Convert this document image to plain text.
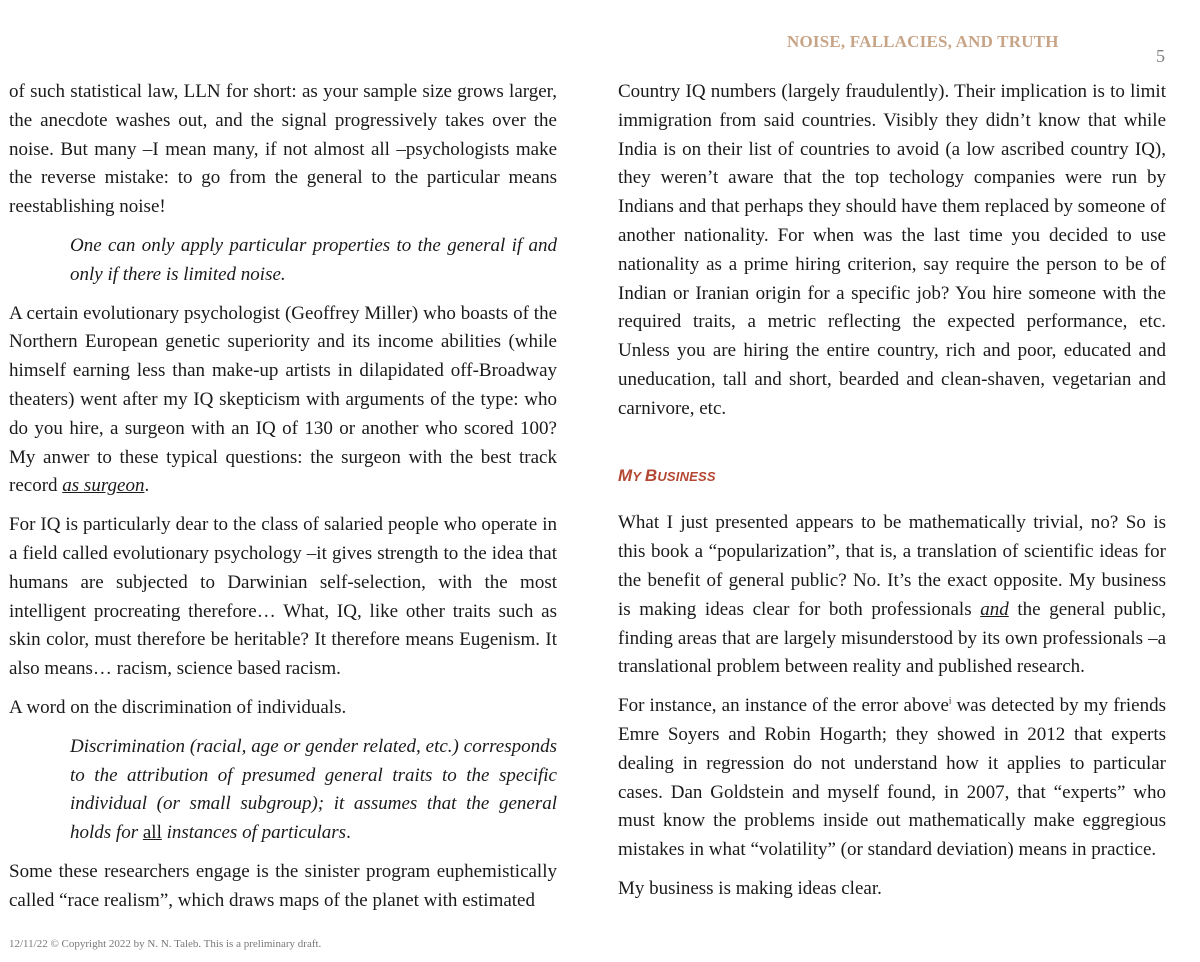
NOISE, FALLACIES, AND TRUTH
5

of such statistical law, LLN for short: as your sample size grows larger, the anecdote washes out, and the signal progressively takes over the noise. But many –I mean many, if not almost all –psychologists make the reverse mistake: to go from the general to the particular means reestablishing noise!

One can only apply particular properties to the general if and only if there is limited noise.

A certain evolutionary psychologist (Geoffrey Miller) who boasts of the Northern European genetic superiority and its income abilities (while himself earning less than make-up artists in dilapidated off-Broadway theaters) went after my IQ skepticism with arguments of the type: who do you hire, a surgeon with an IQ of 130 or another who scored 100? My anwer to these typical questions: the surgeon with the best track record as surgeon.

For IQ is particularly dear to the class of salaried people who operate in a field called evolutionary psychology –it gives strength to the idea that humans are subjected to Darwinian self-selection, with the most intelligent procreating therefore… What, IQ, like other traits such as skin color, must therefore be heritable? It therefore means Eugenism. It also means… racism, science based racism.

A word on the discrimination of individuals.

Discrimination (racial, age or gender related, etc.) corresponds to the attribution of presumed general traits to the specific individual (or small subgroup); it assumes that the general holds for all instances of particulars.

Some these researchers engage is the sinister program euphemistically called “race realism”, which draws maps of the planet with estimated

Country IQ numbers (largely fraudulently). Their implication is to limit immigration from said countries. Visibly they didn’t know that while India is on their list of countries to avoid (a low ascribed country IQ), they weren’t aware that the top techology companies were run by Indians and that perhaps they should have them replaced by someone of another nationality. For when was the last time you decided to use nationality as a prime hiring criterion, say require the person to be of Indian or Iranian origin for a specific job? You hire someone with the required traits, a metric reflecting the expected performance, etc. Unless you are hiring the entire country, rich and poor, educated and uneducation, tall and short, bearded and clean-shaven, vegetarian and carnivore, etc.

MY BUSINESS

What I just presented appears to be mathematically trivial, no? So is this book a “popularization”, that is, a translation of scientific ideas for the benefit of general public? No. It’s the exact opposite. My business is making ideas clear for both professionals and the general public, finding areas that are largely misunderstood by its own professionals –a translational problem between reality and published research.

For instance, an instance of the error above$^i$ was detected by my friends Emre Soyers and Robin Hogarth; they showed in 2012 that experts dealing in regression do not understand how it applies to particular cases. Dan Goldstein and myself found, in 2007, that “experts” who must know the problems inside out mathematically make eggregious mistakes in what “volatility” (or standard deviation) means in practice.

My business is making ideas clear.

12/11/22 © Copyright 2022 by N. N. Taleb. This is a preliminary draft.
